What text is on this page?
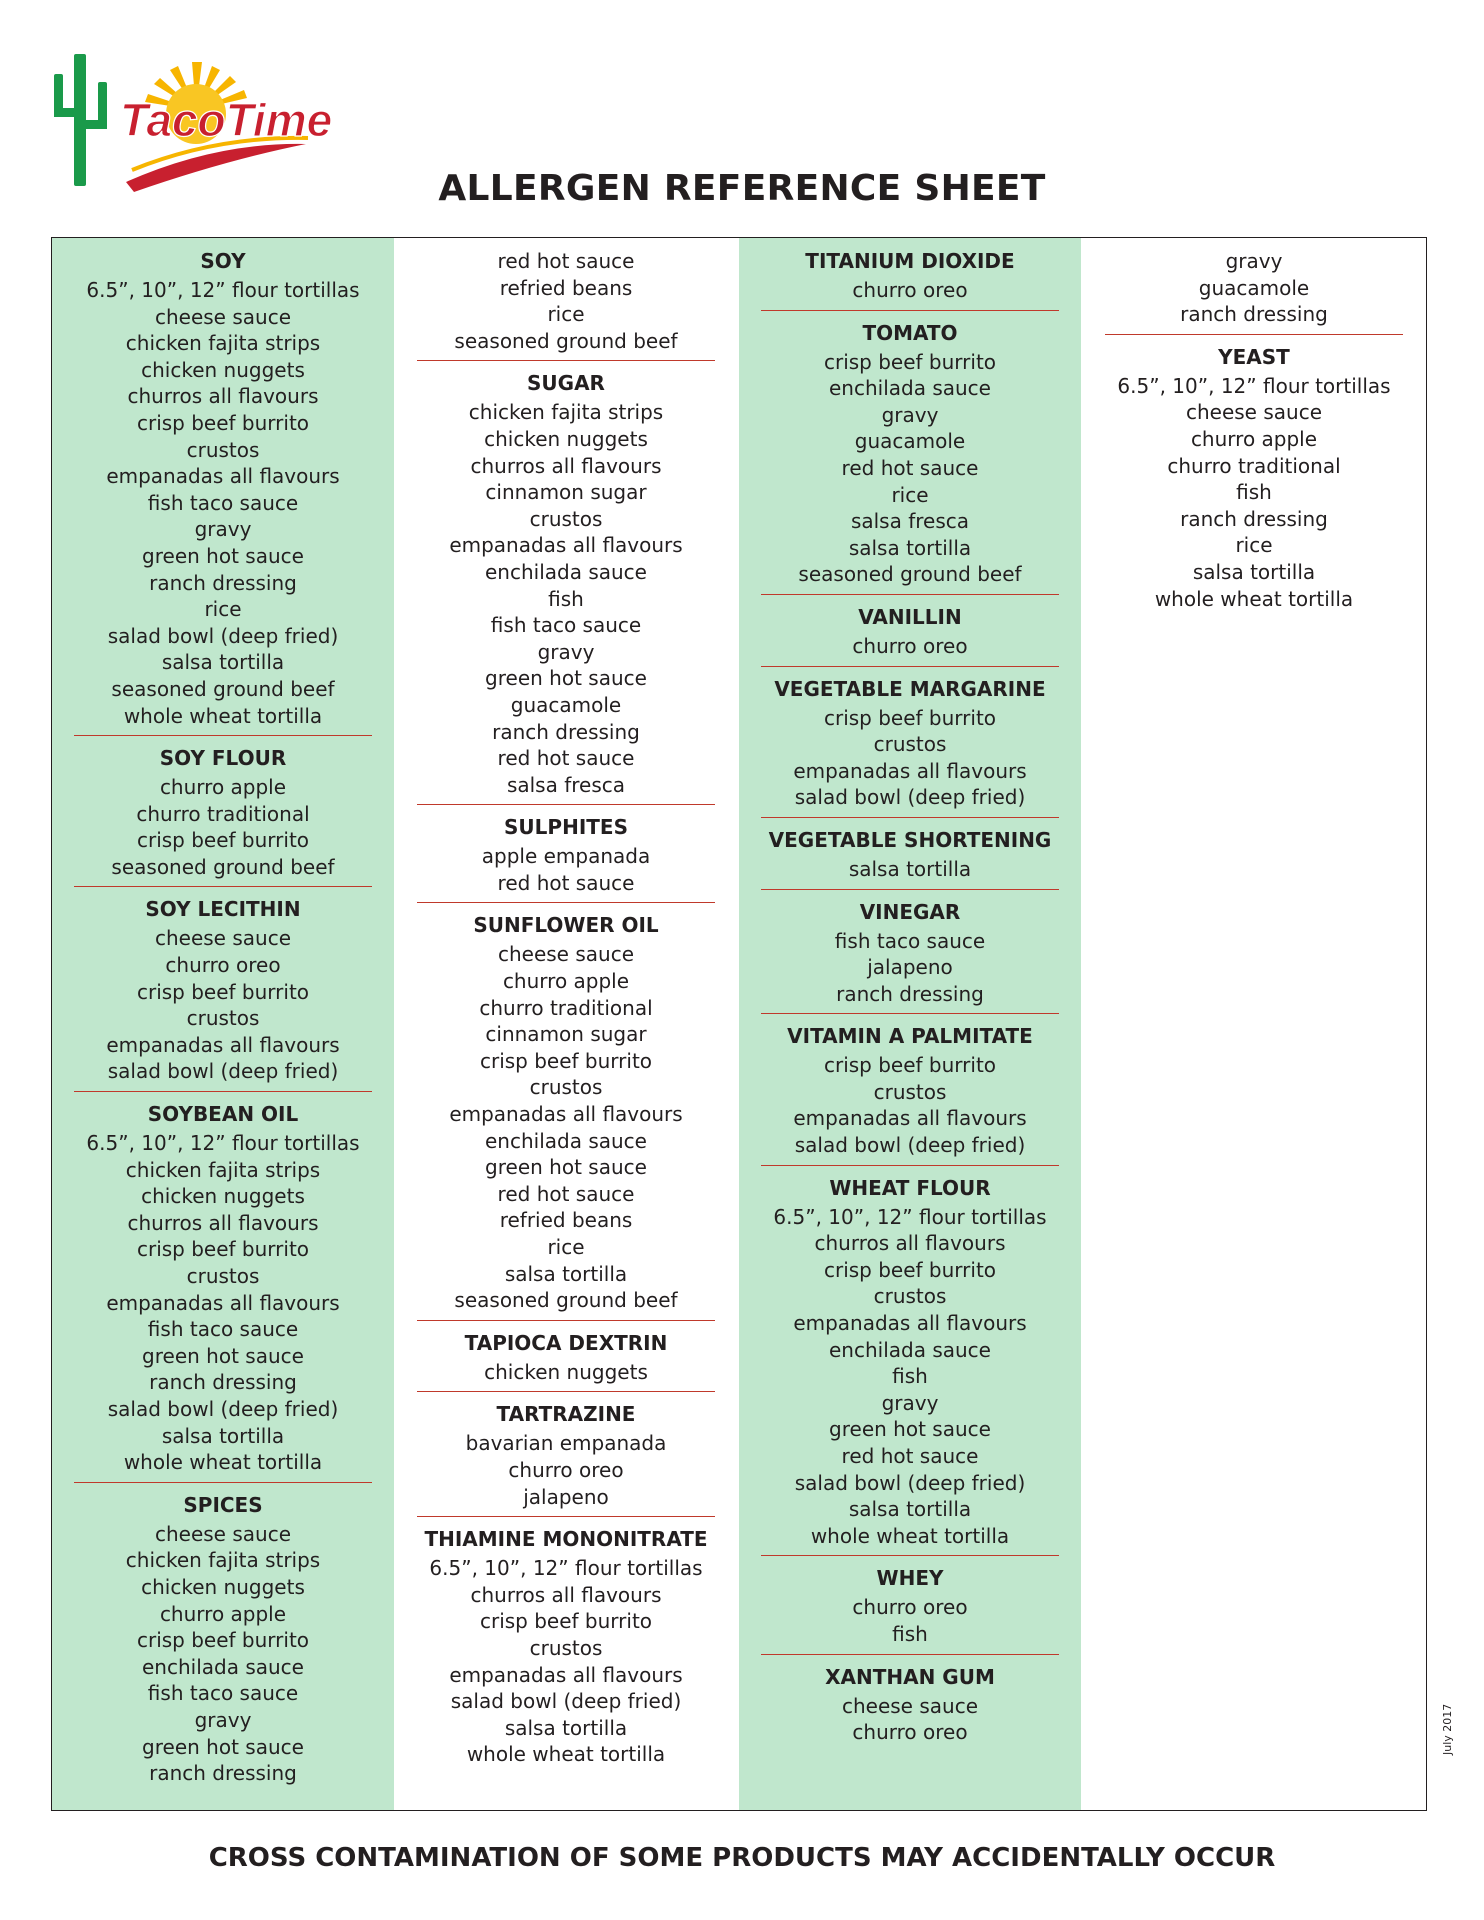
TacoTime
ALLERGEN REFERENCE SHEET
SOY
6.5”, 10”, 12” flour tortillas
cheese sauce
chicken fajita strips
chicken nuggets
churros all flavours
crisp beef burrito
crustos
empanadas all flavours
fish taco sauce
gravy
green hot sauce
ranch dressing
rice
salad bowl (deep fried)
salsa tortilla
seasoned ground beef
whole wheat tortilla
SOY FLOUR
churro apple
churro traditional
crisp beef burrito
seasoned ground beef
SOY LECITHIN
cheese sauce
churro oreo
crisp beef burrito
crustos
empanadas all flavours
salad bowl (deep fried)
SOYBEAN OIL
6.5”, 10”, 12” flour tortillas
chicken fajita strips
chicken nuggets
churros all flavours
crisp beef burrito
crustos
empanadas all flavours
fish taco sauce
green hot sauce
ranch dressing
salad bowl (deep fried)
salsa tortilla
whole wheat tortilla
SPICES
cheese sauce
chicken fajita strips
chicken nuggets
churro apple
crisp beef burrito
enchilada sauce
fish taco sauce
gravy
green hot sauce
ranch dressing
red hot sauce
refried beans
rice
seasoned ground beef
SUGAR
chicken fajita strips
chicken nuggets
churros all flavours
cinnamon sugar
crustos
empanadas all flavours
enchilada sauce
fish
fish taco sauce
gravy
green hot sauce
guacamole
ranch dressing
red hot sauce
salsa fresca
SULPHITES
apple empanada
red hot sauce
SUNFLOWER OIL
cheese sauce
churro apple
churro traditional
cinnamon sugar
crisp beef burrito
crustos
empanadas all flavours
enchilada sauce
green hot sauce
red hot sauce
refried beans
rice
salsa tortilla
seasoned ground beef
TAPIOCA DEXTRIN
chicken nuggets
TARTRAZINE
bavarian empanada
churro oreo
jalapeno
THIAMINE MONONITRATE
6.5”, 10”, 12” flour tortillas
churros all flavours
crisp beef burrito
crustos
empanadas all flavours
salad bowl (deep fried)
salsa tortilla
whole wheat tortilla
TITANIUM DIOXIDE
churro oreo
TOMATO
crisp beef burrito
enchilada sauce
gravy
guacamole
red hot sauce
rice
salsa fresca
salsa tortilla
seasoned ground beef
VANILLIN
churro oreo
VEGETABLE MARGARINE
crisp beef burrito
crustos
empanadas all flavours
salad bowl (deep fried)
VEGETABLE SHORTENING
salsa tortilla
VINEGAR
fish taco sauce
jalapeno
ranch dressing
VITAMIN A PALMITATE
crisp beef burrito
crustos
empanadas all flavours
salad bowl (deep fried)
WHEAT FLOUR
6.5”, 10”, 12” flour tortillas
churros all flavours
crisp beef burrito
crustos
empanadas all flavours
enchilada sauce
fish
gravy
green hot sauce
red hot sauce
salad bowl (deep fried)
salsa tortilla
whole wheat tortilla
WHEY
churro oreo
fish
XANTHAN GUM
cheese sauce
churro oreo
gravy
guacamole
ranch dressing
YEAST
6.5”, 10”, 12” flour tortillas
cheese sauce
churro apple
churro traditional
fish
ranch dressing
rice
salsa tortilla
whole wheat tortilla
July 2017
CROSS CONTAMINATION OF SOME PRODUCTS MAY ACCIDENTALLY OCCUR
